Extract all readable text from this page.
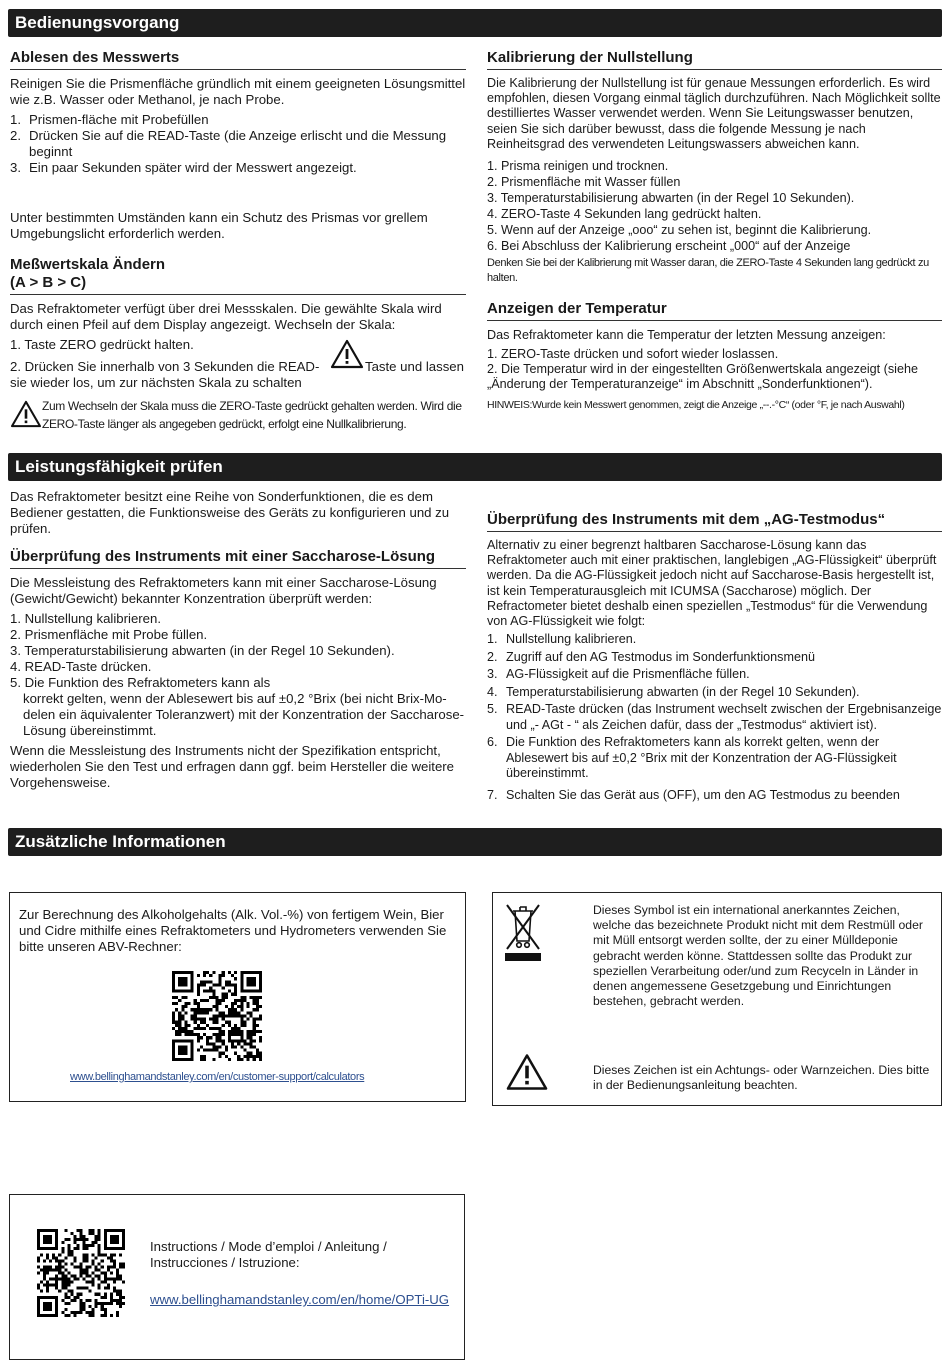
Bedienungsvorgang
Ablesen des Messwerts

Reinigen Sie die Prismenfläche gründlich mit einem geeigneten Lösungsmittel wie z.B. Wasser oder Methanol, je nach Probe.

1. Prismen-fläche mit Probefüllen
2. Drücken Sie auf die READ-Taste (die Anzeige erlischt und die Messung beginnt
3. Ein paar Sekunden später wird der Messwert angezeigt.

Unter bestimmten Umständen kann ein Schutz des Prismas vor grellem Umgebungslicht erforderlich werden.

Meßwertskala Ändern
(A > B > C)

Das Refraktometer verfügt über drei Messskalen. Die gewählte Skala wird durch einen Pfeil auf dem Display angezeigt. Wechseln der Skala:

1. Taste ZERO gedrückt halten.

2. Drücken Sie innerhalb von 3 Sekunden die READ-	Taste und lassen
sie wieder los, um zur nächsten Skala zu schalten

Zum Wechseln der Skala muss die ZERO-Taste gedrückt gehalten werden. Wird die ZERO-Taste länger als angegeben gedrückt, erfolgt eine Nullkalibrierung.

Kalibrierung der Nullstellung

Die Kalibrierung der Nullstellung ist für genaue Messungen erforderlich. Es wird empfohlen, diesen Vorgang einmal täglich durchzuführen. Nach Möglichkeit sollte destilliertes Wasser verwendet werden. Wenn Sie Leitungswasser benutzen, seien Sie sich darüber bewusst, dass die folgende Messung je nach Reinheitsgrad des verwendeten Leitungswassers abweichen kann.

1. Prisma reinigen und trocknen.
2. Prismenfläche mit Wasser füllen
3. Temperaturstabilisierung abwarten (in der Regel 10 Sekunden).
4. ZERO-Taste 4 Sekunden lang gedrückt halten.
5. Wenn auf der Anzeige „ooo“ zu sehen ist, beginnt die Kalibrierung.
6. Bei Abschluss der Kalibrierung erscheint „000“ auf der Anzeige

Denken Sie bei der Kalibrierung mit Wasser daran, die ZERO-Taste 4 Sekunden lang gedrückt zu halten.

Anzeigen der Temperatur

Das Refraktometer kann die Temperatur der letzten Messung anzeigen:

1. ZERO-Taste drücken und sofort wieder loslassen.
2. Die Temperatur wird in der eingestellten Größenwertskala angezeigt (siehe „Änderung der Temperaturanzeige“ im Abschnitt „Sonderfunktionen“).

HINWEIS:Wurde kein Messwert genommen, zeigt die Anzeige „--.-°C“ (oder °F, je nach Auswahl)

Leistungsfähigkeit prüfen

Das Refraktometer besitzt eine Reihe von Sonderfunktionen, die es dem Bediener gestatten, die Funktionsweise des Geräts zu konfigurieren und zu prüfen.

Überprüfung des Instruments mit einer Saccharose-Lösung

Die Messleistung des Refraktometers kann mit einer Saccharose-Lösung (Gewicht/Gewicht) bekannter Konzentration überprüft werden:

1. Nullstellung kalibrieren.
2. Prismenfläche mit Probe füllen.
3. Temperaturstabilisierung abwarten (in der Regel 10 Sekunden).
4. READ-Taste drücken.
5. Die Funktion des Refraktometers kann als

korrekt gelten, wenn der Ablesewert bis auf ±0,2 °Brix (bei nicht Brix-Mo-delen ein äquivalenter Toleranzwert) mit der Konzentration der Saccharose-Lösung übereinstimmt.

Wenn die Messleistung des Instruments nicht der Spezifikation entspricht, wiederholen Sie den Test und erfragen dann ggf. beim Hersteller die weitere Vorgehensweise.

Überprüfung des Instruments mit dem „AG-Testmodus“

Alternativ zu einer begrenzt haltbaren Saccharose-Lösung kann das Refraktometer auch mit einer praktischen, langlebigen „AG-Flüssigkeit“ überprüft werden. Da die AG-Flüssigkeit jedoch nicht auf Saccharose-Basis hergestellt ist, ist kein Temperaturausgleich mit ICUMSA (Saccharose) möglich. Der Refractometer bietet deshalb einen speziellen „Testmodus“ für die Verwendung von AG-Flüssigkeit wie folgt:

1. Nullstellung kalibrieren.
2. Zugriff auf den AG Testmodus im Sonderfunktionsmenü
3. AG-Flüssigkeit auf die Prismenfläche füllen.
4. Temperaturstabilisierung abwarten (in der Regel 10 Sekunden).
5. READ-Taste drücken (das Instrument wechselt zwischen der Ergebnisanzeige und „- AGt - “ als Zeichen dafür, dass der „Testmodus“ aktiviert ist).
6. Die Funktion des Refraktometers kann als korrekt gelten, wenn der Ablesewert bis auf ±0,2 °Brix mit der Konzentration der AG-Flüssigkeit übereinstimmt.
7. Schalten Sie das Gerät aus (OFF), um den AG Testmodus zu beenden
Zusätzliche Informationen

Zur Berechnung des Alkoholgehalts (Alk. Vol.-%) von fertigem Wein, Bier und Cidre mithilfe eines Refraktometers und Hydrometers verwenden Sie bitte unseren ABV-Rechner:

www.bellinghamandstanley.com/en/customer-support/calculators

Dieses Symbol ist ein international anerkanntes Zeichen, welche das bezeichnete Produkt nicht mit dem Restmüll oder mit Müll entsorgt werden sollte, der zu einer Mülldeponie gebracht werden könne. Stattdessen sollte das Produkt zur speziellen Verarbeitung oder/und zum Recyceln in Länder in denen angemessene Gesetzgebung und Einrichtungen bestehen, gebracht werden.

Dieses Zeichen ist ein Achtungs- oder Warnzeichen. Dies bitte in der Bedienungsanleitung beachten.

Instructions / Mode d’emploi / Anleitung / Instrucciones / Istruzione:

www.bellinghamandstanley.com/en/home/OPTi-UG
